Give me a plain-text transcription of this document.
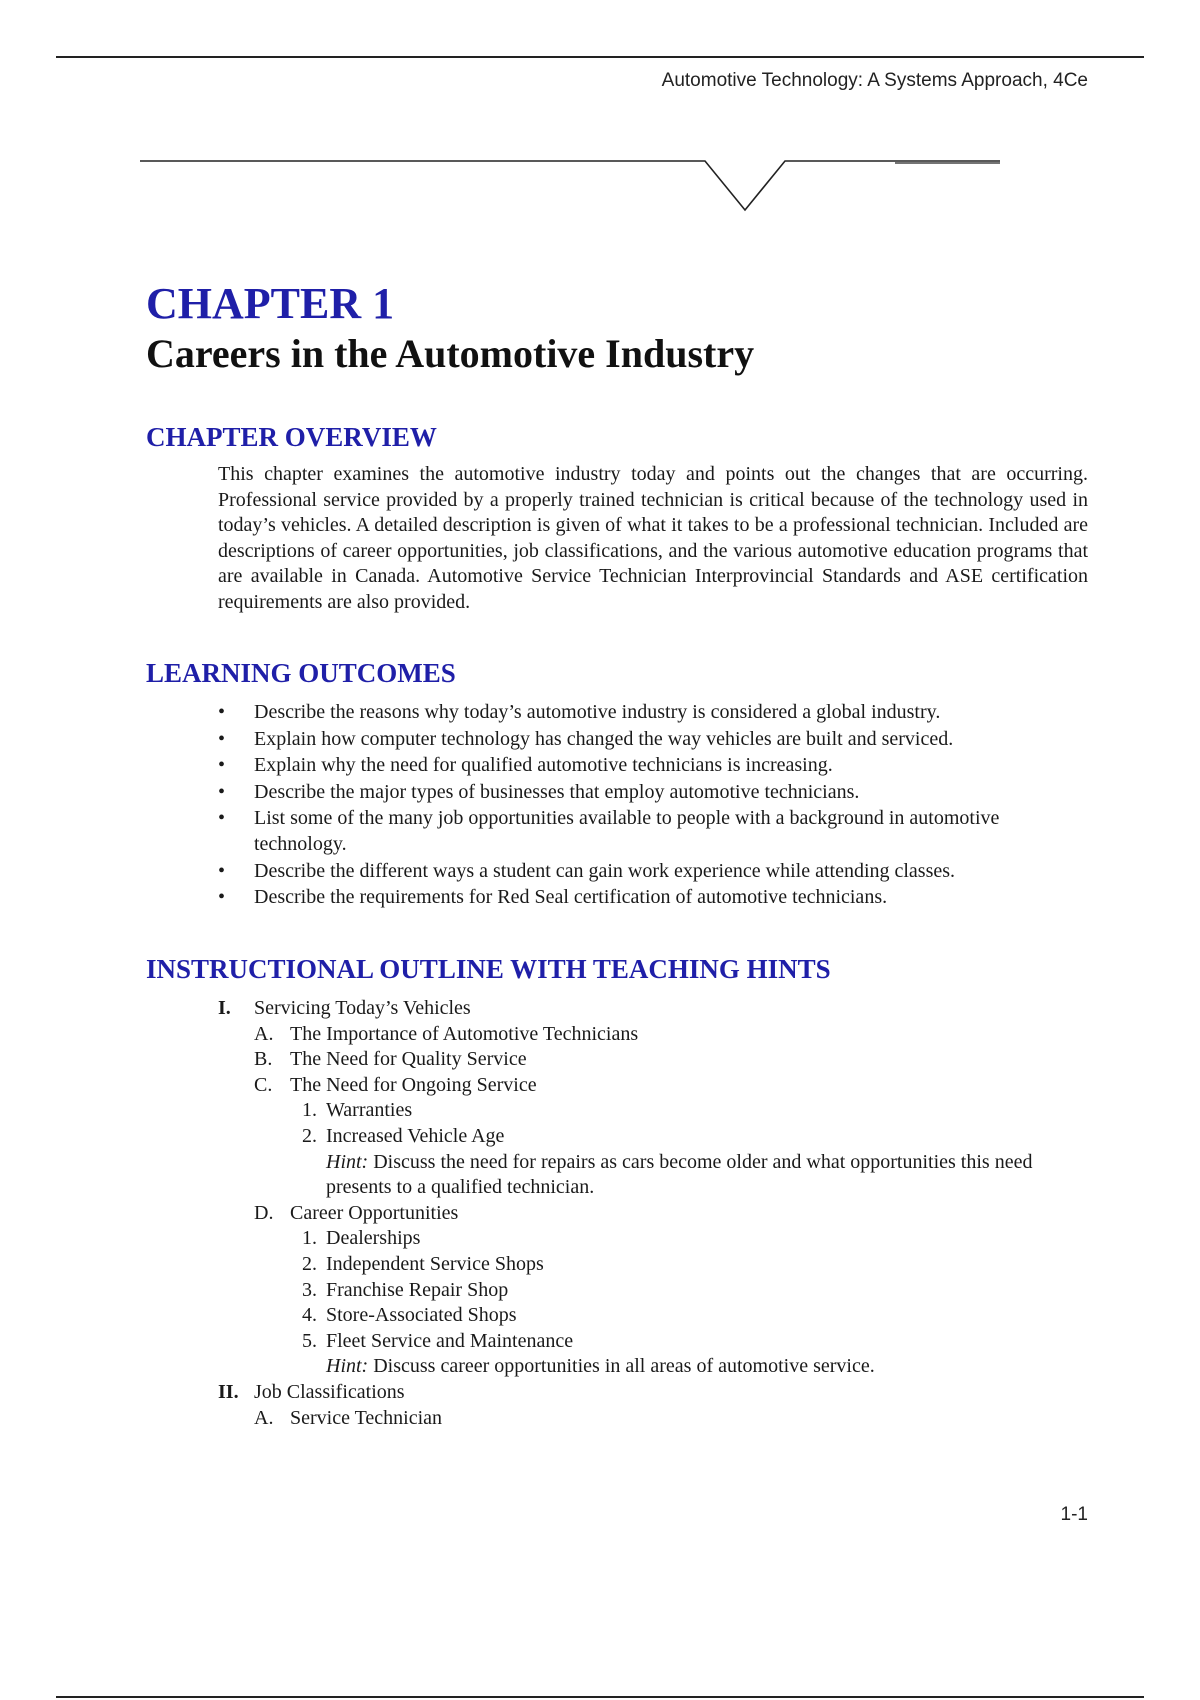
Automotive Technology: A Systems Approach, 4Ce
CHAPTER 1
Careers in the Automotive Industry
CHAPTER OVERVIEW

This chapter examines the automotive industry today and points out the changes that are occurring. Professional service provided by a properly trained technician is critical because of the technology used in today’s vehicles. A detailed description is given of what it takes to be a professional technician. Included are descriptions of career opportunities, job classifications, and the various automotive education programs that are available in Canada. Automotive Service Technician Interprovincial Standards and ASE certification requirements are also provided.

LEARNING OUTCOMES
•	Describe the reasons why today’s automotive industry is considered a global industry.
•	Explain how computer technology has changed the way vehicles are built and serviced.
•	Explain why the need for qualified automotive technicians is increasing.
•	Describe the major types of businesses that employ automotive technicians.
•	List some of the many job opportunities available to people with a background in automotive technology.
•	Describe the different ways a student can gain work experience while attending classes.
•	Describe the requirements for Red Seal certification of automotive technicians.
INSTRUCTIONAL OUTLINE WITH TEACHING HINTS
I. Servicing Today’s Vehicles
A. The Importance of Automotive Technicians
B. The Need for Quality Service
C. The Need for Ongoing Service
1. Warranties
2. Increased Vehicle Age
Hint: Discuss the need for repairs as cars become older and what opportunities this need presents to a qualified technician.
D. Career Opportunities
1. Dealerships
2. Independent Service Shops
3. Franchise Repair Shop
4. Store-Associated Shops
5. Fleet Service and Maintenance
Hint: Discuss career opportunities in all areas of automotive service.
II. Job Classifications
A. Service Technician
1-1
